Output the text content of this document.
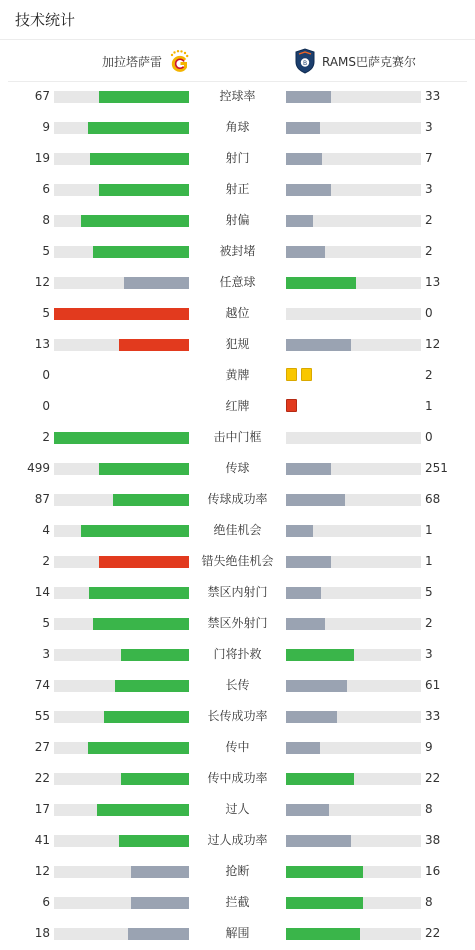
技术统计
加拉塔萨雷	B RAMS巴萨克赛尔
67	控球率	33
9	角球	3
19	射门	7
6	射正	3
8	射偏	2
5	被封堵	2
12	任意球	13
5	越位	0
13	犯规	12
0	黄牌	2
0	红牌	1
2	击中门框	0
499	传球	251
87	传球成功率	68
4	绝佳机会	1
2	错失绝佳机会	1
14	禁区内射门	5
5	禁区外射门	2
3	门将扑救	3
74	长传	61
55	长传成功率	33
27	传中	9
22	传中成功率	22
17	过人	8
41	过人成功率	38
12	抢断	16
6	拦截	8
18	解围	22
